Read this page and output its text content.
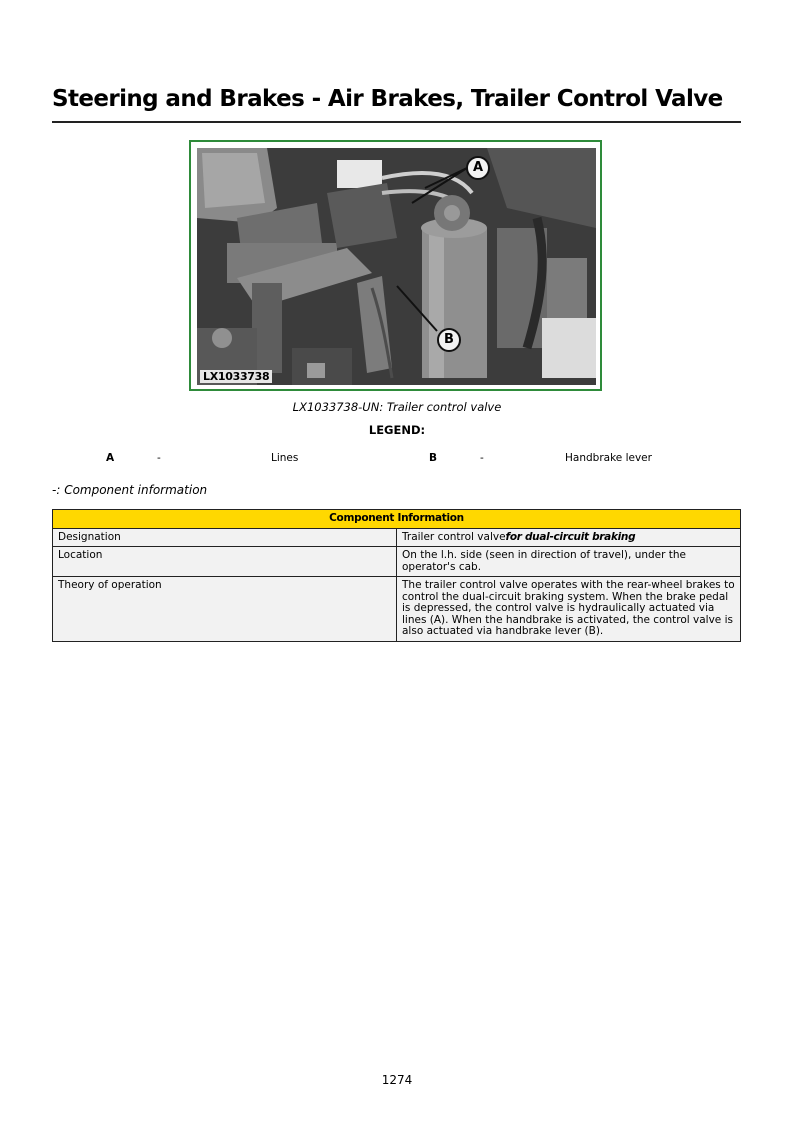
Steering and Brakes - Air Brakes, Trailer Control Valve
A
B
LX1033738
LX1033738-UN: Trailer control valve
LEGEND:
A	-	Lines	B	-	Handbrake lever
-: Component information
Component Information	
Designation	Trailer control valvefor dual-circuit braking
Location	On the l.h. side (seen in direction of travel), under the operator's cab.
Theory of operation	The trailer control valve operates with the rear-wheel brakes to control the dual-circuit braking system. When the brake pedal is depressed, the control valve is hydraulically actuated via lines (A). When the handbrake is activated, the control valve is also actuated via handbrake lever (B).
1274
